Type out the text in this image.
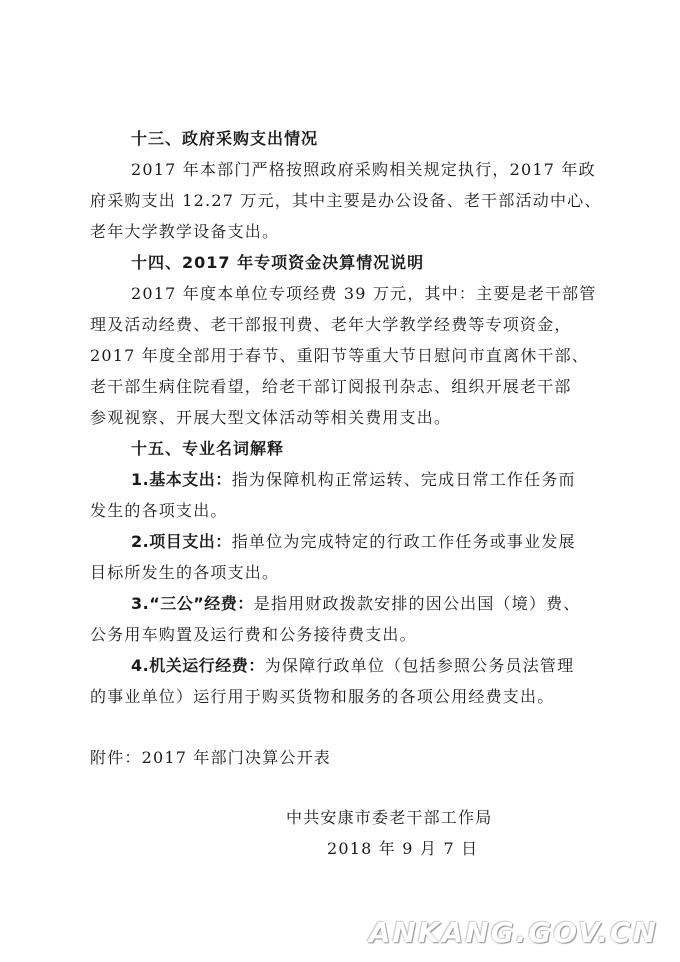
十三、政府采购支出情况
2017 年本部门严格按照政府采购相关规定执行，2017 年政
府采购支出 12.27 万元，其中主要是办公设备、老干部活动中心、
老年大学教学设备支出。
十四、2017 年专项资金决算情况说明
2017 年度本单位专项经费 39 万元，其中：主要是老干部管
理及活动经费、老干部报刊费、老年大学教学经费等专项资金，
2017 年度全部用于春节、重阳节等重大节日慰问市直离休干部、
老干部生病住院看望，给老干部订阅报刊杂志、组织开展老干部
参观视察、开展大型文体活动等相关费用支出。
十五、专业名词解释
1.基本支出：指为保障机构正常运转、完成日常工作任务而
发生的各项支出。
2.项目支出：指单位为完成特定的行政工作任务或事业发展
目标所发生的各项支出。
3.“三公”经费：是指用财政拨款安排的因公出国（境）费、
公务用车购置及运行费和公务接待费支出。
4.机关运行经费：为保障行政单位（包括参照公务员法管理
的事业单位）运行用于购买货物和服务的各项公用经费支出。
附件：2017 年部门决算公开表
中共安康市委老干部工作局
2018 年 9 月 7 日
ANKANG.GOV.CN
